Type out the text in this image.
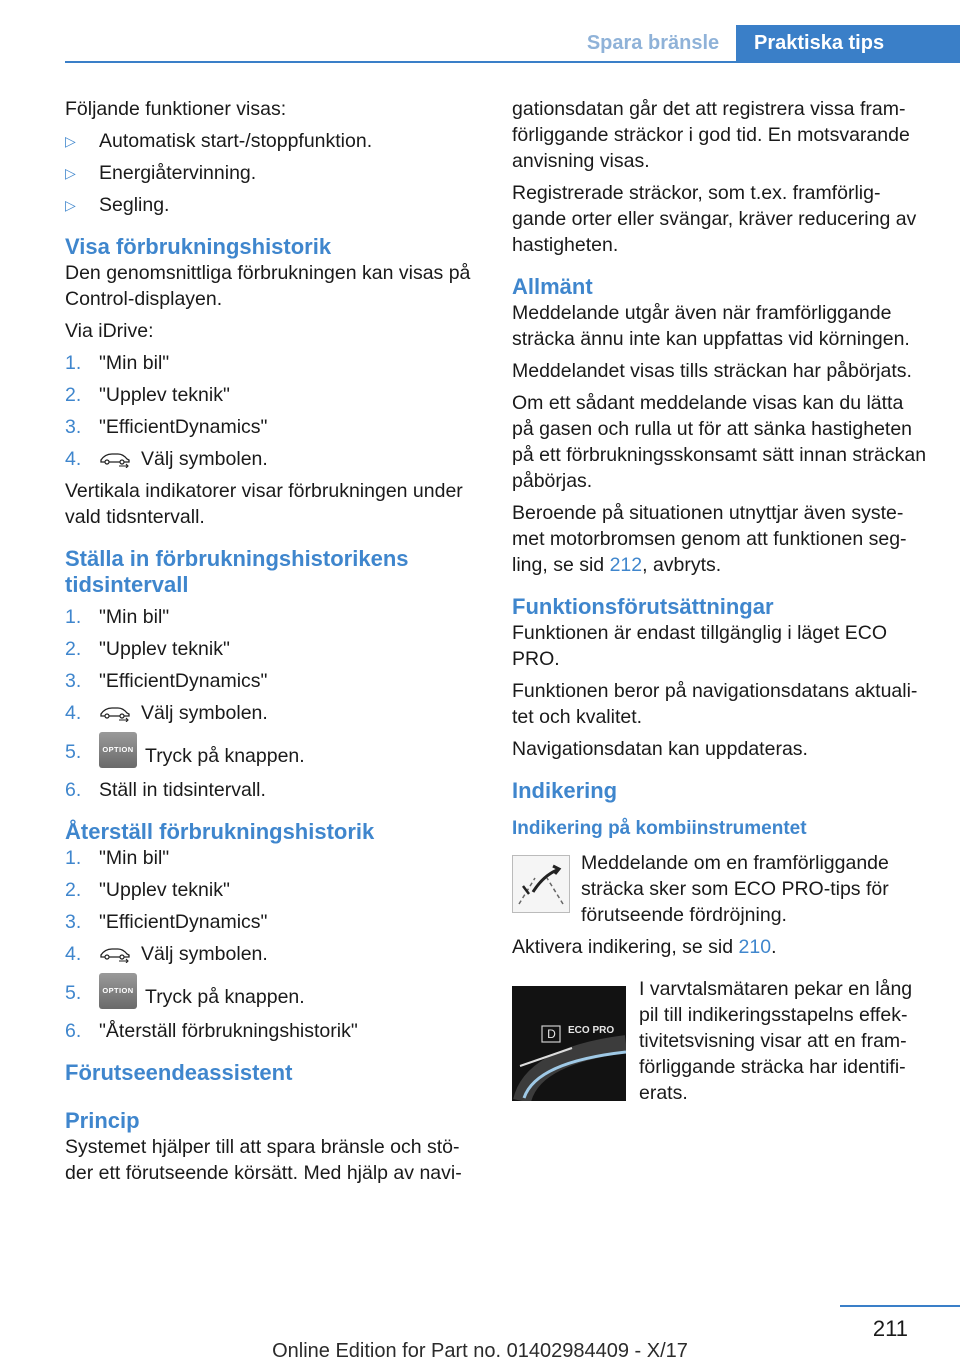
Spara bränsle	Praktiska tips

Följande funktioner visas:

▷ Automatisk start-/stoppfunktion.
▷ Energiåtervinning.
▷ Segling.
Visa förbrukningshistorik

Den genomsnittliga förbrukningen kan visas på Control-displayen.

Via iDrive:

1. "Min bil"
2. "Upplev teknik"
3. "EfficientDynamics"
4.	Välj symbolen.

Vertikala indikatorer visar förbrukningen under vald tidsntervall.

Ställa in förbrukningshistorikens tidsintervall
1. "Min bil"
2. "Upplev teknik"
3. "EfficientDynamics"
4.	Välj symbolen.
5.	OPTION Tryck på knappen.
6. Ställ in tidsintervall.
Återställ förbrukningshistorik
1. "Min bil"
2. "Upplev teknik"
3. "EfficientDynamics"
4.	Välj symbolen.
5.	OPTION Tryck på knappen.
6. "Återställ förbrukningshistorik"
Förutseendeassistent
Princip

Systemet hjälper till att spara bränsle och stö-der ett förutseende körsätt. Med hjälp av navi-

gationsdatan går det att registrera vissa fram-förliggande sträckor i god tid. En motsvarande anvisning visas.

Registrerade sträckor, som t.ex. framförlig-gande orter eller svängar, kräver reducering av hastigheten.

Allmänt

Meddelande utgår även när framförliggande sträcka ännu inte kan uppfattas vid körningen.

Meddelandet visas tills sträckan har påbörjats.

Om ett sådant meddelande visas kan du lätta på gasen och rulla ut för att sänka hastigheten på ett förbrukningsskonsamt sätt innan sträckan påbörjas.

Beroende på situationen utnyttjar även syste-met motorbromsen genom att funktionen seg-ling, se sid 212, avbryts.

Funktionsförutsättningar

Funktionen är endast tillgänglig i läget ECO PRO.

Funktionen beror på navigationsdatans aktuali-tet och kvalitet.

Navigationsdatan kan uppdateras.

Indikering
Indikering på kombiinstrumentet
Meddelande om en framförliggande sträcka sker som ECO PRO-tips för förutseende fördröjning.

Aktivera indikering, se sid 210.

D ECO PRO
I varvtalsmätaren pekar en lång pil till indikeringsstapelns effek-tivitetsvisning visar att en fram-förliggande sträcka har identifi-erats.
211
Online Edition for Part no. 01402984409 - X/17
